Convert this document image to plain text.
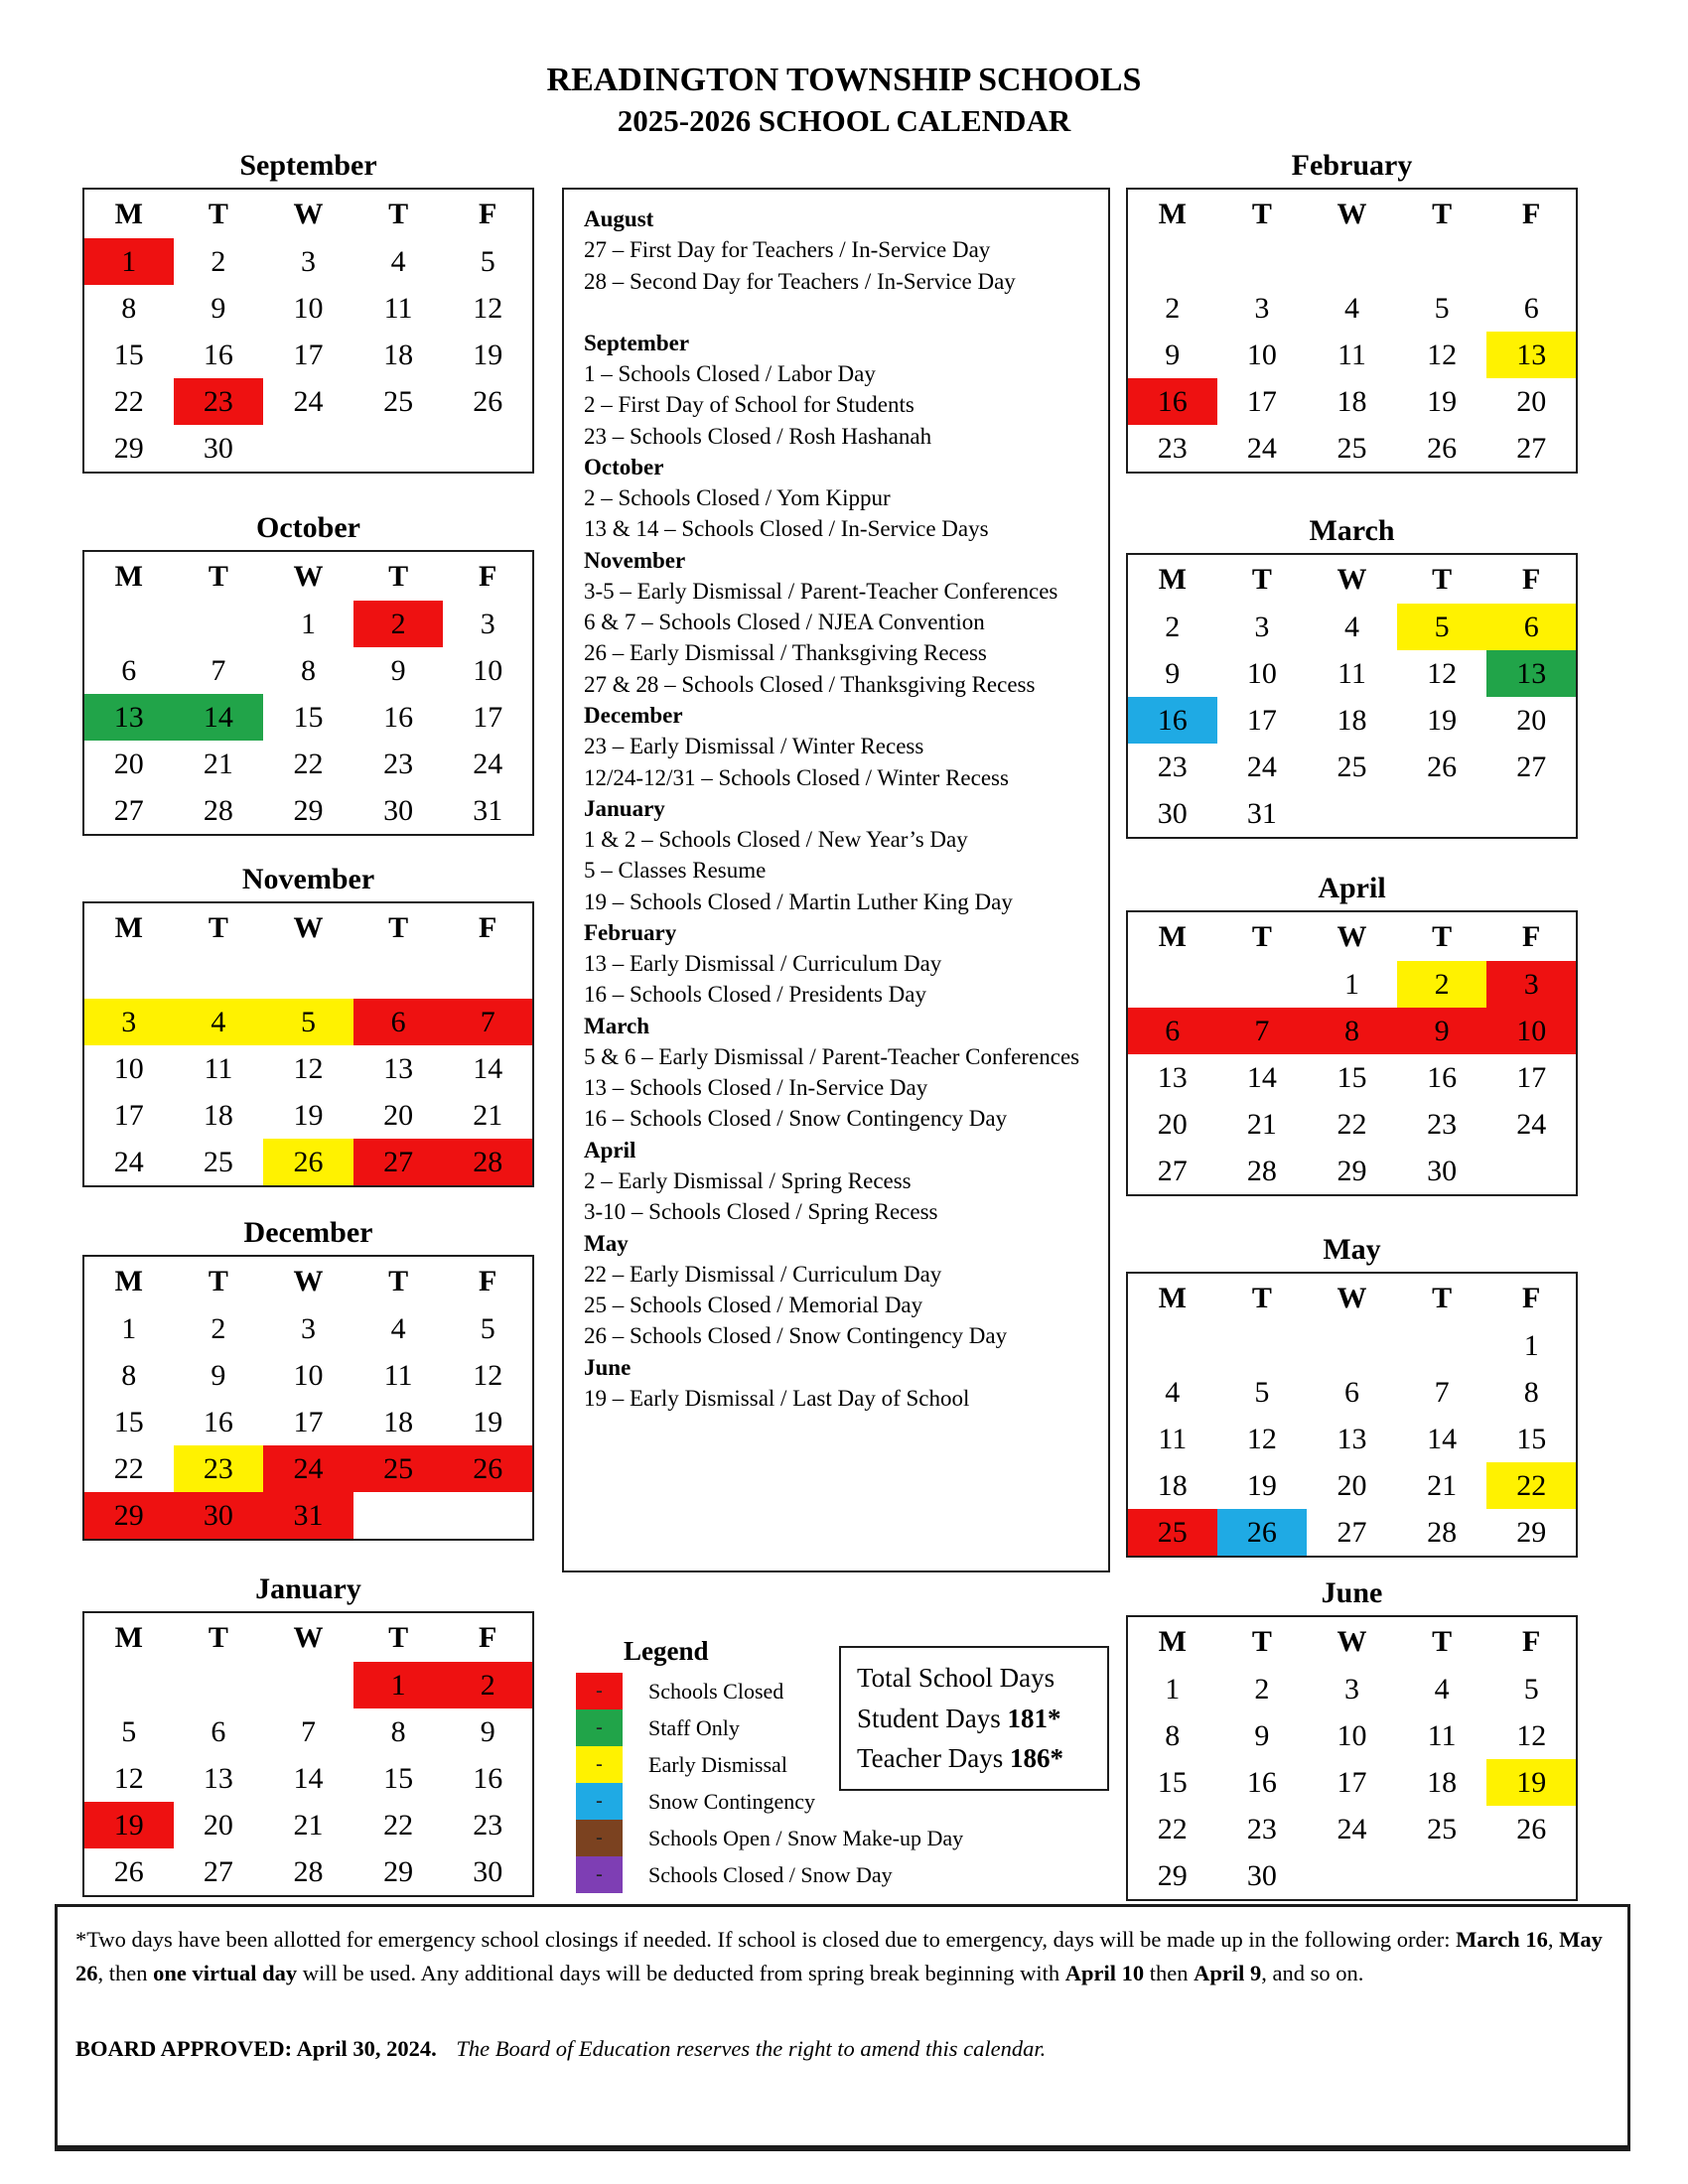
READINGTON TOWNSHIP SCHOOLS
2025-2026 SCHOOL CALENDAR
August
27 – First Day for Teachers / In-Service Day
28 – Second Day for Teachers / In-Service Day
September
1 – Schools Closed / Labor Day
2 – First Day of School for Students
23 – Schools Closed / Rosh Hashanah
October
2 – Schools Closed / Yom Kippur
13 & 14 – Schools Closed / In-Service Days
November
3-5 – Early Dismissal / Parent-Teacher Conferences
6 & 7 – Schools Closed / NJEA Convention
26 – Early Dismissal / Thanksgiving Recess
27 & 28 – Schools Closed / Thanksgiving Recess
December
23 – Early Dismissal / Winter Recess
12/24-12/31 – Schools Closed / Winter Recess
January
1 & 2 – Schools Closed / New Year’s Day
5 – Classes Resume
19 – Schools Closed / Martin Luther King Day
February
13 – Early Dismissal / Curriculum Day
16 – Schools Closed / Presidents Day
March
5 & 6 – Early Dismissal / Parent-Teacher Conferences
13 – Schools Closed / In-Service Day
16 – Schools Closed / Snow Contingency Day
April
2 – Early Dismissal / Spring Recess
3-10 – Schools Closed / Spring Recess
May
22 – Early Dismissal / Curriculum Day
25 – Schools Closed / Memorial Day
26 – Schools Closed / Snow Contingency Day
June
19 – Early Dismissal / Last Day of School
Legend
-	Schools Closed
-	Staff Only
-	Early Dismissal
-	Snow Contingency
-	Schools Open / Snow Make-up Day
-	Schools Closed / Snow Day
Total School Days
Student Days 181*
Teacher Days 186*
*Two days have been allotted for emergency school closings if needed. If school is closed due to emergency, days will be made up in the following order: March 16, May 26, then one virtual day will be used. Any additional days will be deducted from spring break beginning with April 10 then April 9, and so on.
BOARD APPROVED: April 30, 2024. The Board of Education reserves the right to amend this calendar.
September
M	T	W	T	F
1	2	3	4	5
8	9	10	11	12
15	16	17	18	19
22	23	24	25	26
29	30			
October
M	T	W	T	F
		1	2	3
6	7	8	9	10
13	14	15	16	17
20	21	22	23	24
27	28	29	30	31
November
M	T	W	T	F

3	4	5	6	7
10	11	12	13	14
17	18	19	20	21
24	25	26	27	28
December
M	T	W	T	F
1	2	3	4	5
8	9	10	11	12
15	16	17	18	19
22	23	24	25	26
29	30	31		
January
M	T	W	T	F
			1	2
5	6	7	8	9
12	13	14	15	16
19	20	21	22	23
26	27	28	29	30
February
M	T	W	T	F

2	3	4	5	6
9	10	11	12	13
16	17	18	19	20
23	24	25	26	27
March
M	T	W	T	F
2	3	4	5	6
9	10	11	12	13
16	17	18	19	20
23	24	25	26	27
30	31			
April
M	T	W	T	F
		1	2	3
6	7	8	9	10
13	14	15	16	17
20	21	22	23	24
27	28	29	30	
May
M	T	W	T	F
				1
4	5	6	7	8
11	12	13	14	15
18	19	20	21	22
25	26	27	28	29
June
M	T	W	T	F
1	2	3	4	5
8	9	10	11	12
15	16	17	18	19
22	23	24	25	26
29	30			
